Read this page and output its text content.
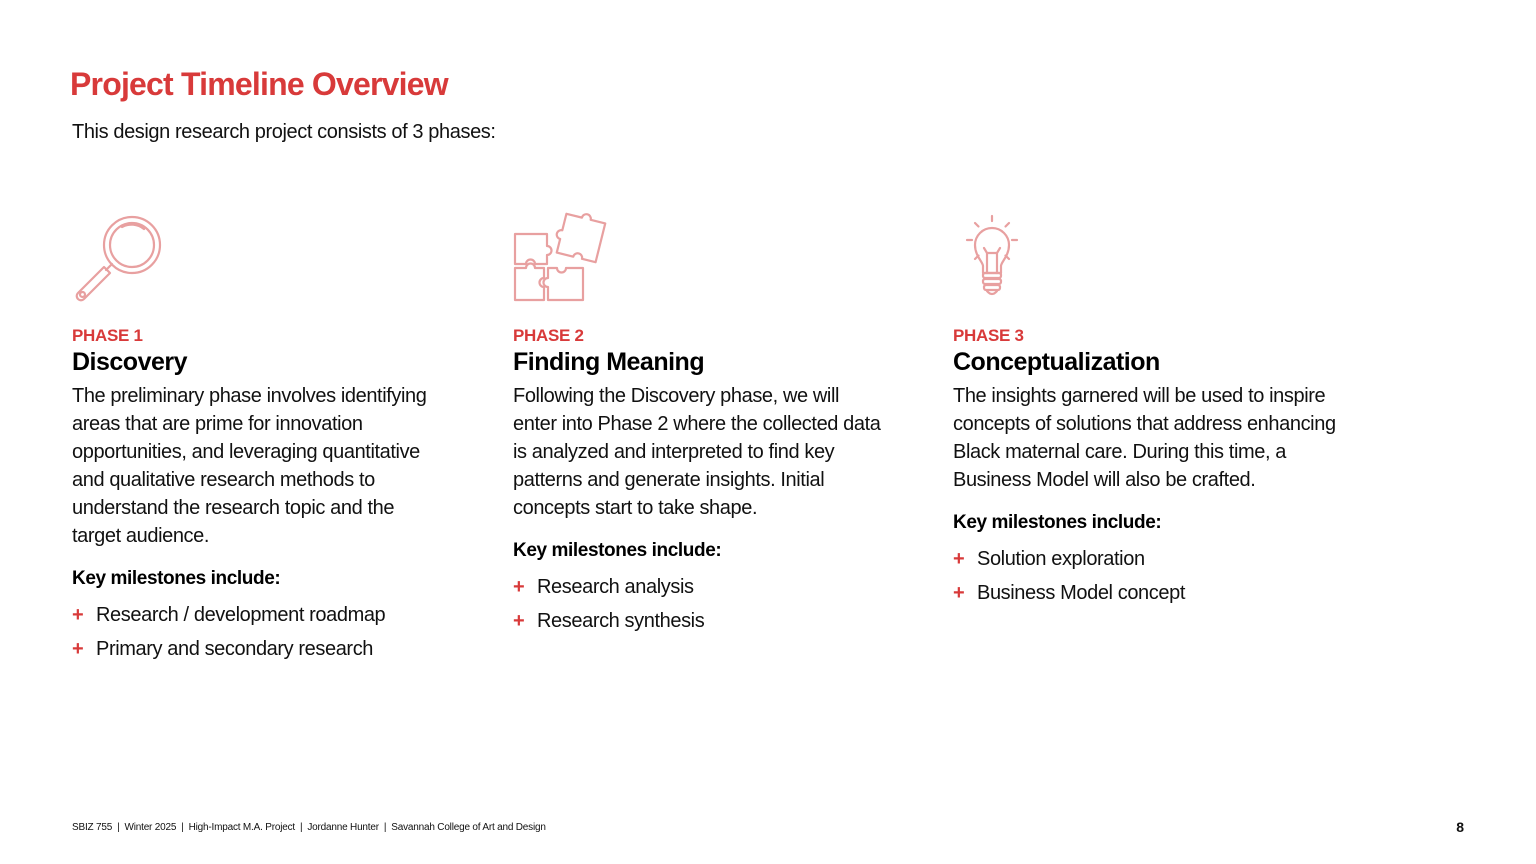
Project Timeline Overview
This design research project consists of 3 phases:
PHASE 1
Discovery
The preliminary phase involves identifying areas that are prime for innovation opportunities, and leveraging quantitative and qualitative research methods to understand the research topic and the target audience.
Key milestones include:
+ Research / development roadmap
+ Primary and secondary research
PHASE 2
Finding Meaning
Following the Discovery phase, we will enter into Phase 2 where the collected data is analyzed and interpreted to find key patterns and generate insights. Initial concepts start to take shape.
Key milestones include:
+ Research analysis
+ Research synthesis
PHASE 3
Conceptualization
The insights garnered will be used to inspire concepts of solutions that address enhancing Black maternal care. During this time, a Business Model will also be crafted.
Key milestones include:
+ Solution exploration
+ Business Model concept
SBIZ 755 | Winter 2025 | High-Impact M.A. Project | Jordanne Hunter | Savannah College of Art and Design	8
